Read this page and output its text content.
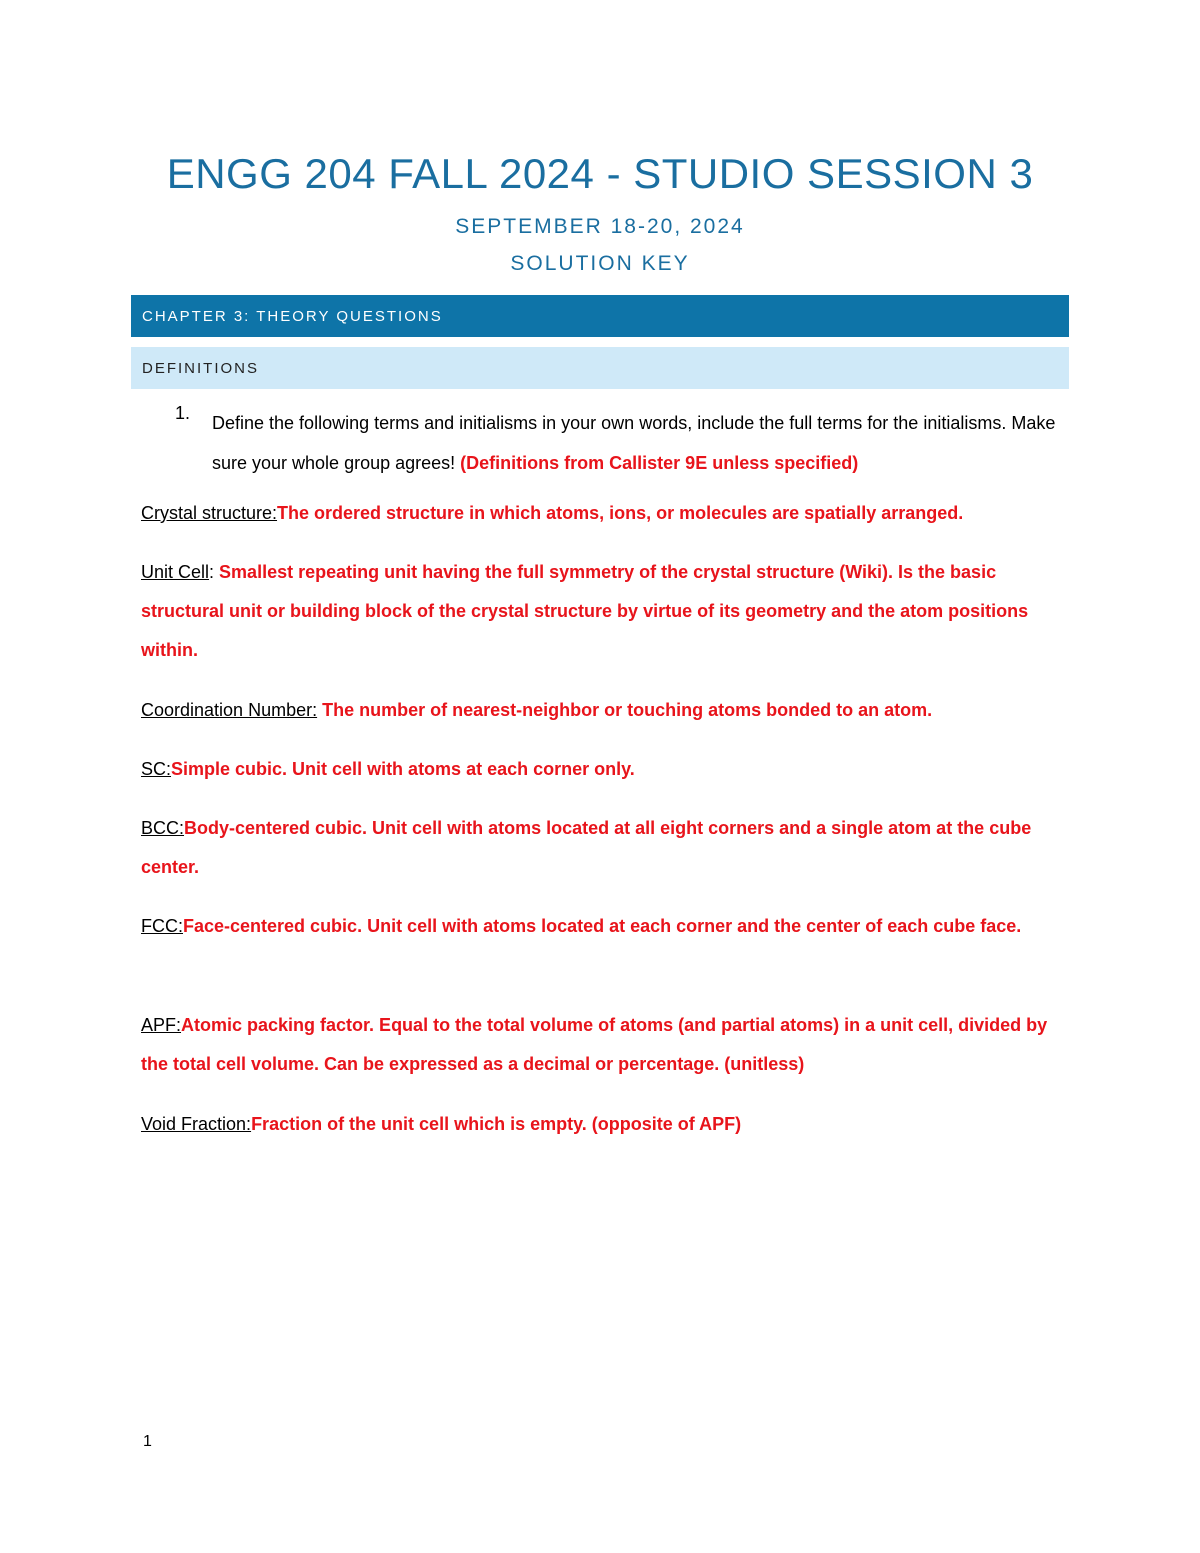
ENGG 204 FALL 2024 - STUDIO SESSION 3
SEPTEMBER 18-20, 2024
SOLUTION KEY
CHAPTER 3: THEORY QUESTIONS
DEFINITIONS
1. Define the following terms and initialisms in your own words, include the full terms for the initialisms. Make sure your whole group agrees! (Definitions from Callister 9E unless specified)
Crystal structure:The ordered structure in which atoms, ions, or molecules are spatially arranged.
Unit Cell: Smallest repeating unit having the full symmetry of the crystal structure (Wiki). Is the basic structural unit or building block of the crystal structure by virtue of its geometry and the atom positions within.
Coordination Number: The number of nearest-neighbor or touching atoms bonded to an atom.
SC:Simple cubic. Unit cell with atoms at each corner only.
BCC:Body-centered cubic. Unit cell with atoms located at all eight corners and a single atom at the cube center.
FCC:Face-centered cubic. Unit cell with atoms located at each corner and the center of each cube face.
APF:Atomic packing factor. Equal to the total volume of atoms (and partial atoms) in a unit cell, divided by the total cell volume. Can be expressed as a decimal or percentage. (unitless)
Void Fraction:Fraction of the unit cell which is empty. (opposite of APF)
1
